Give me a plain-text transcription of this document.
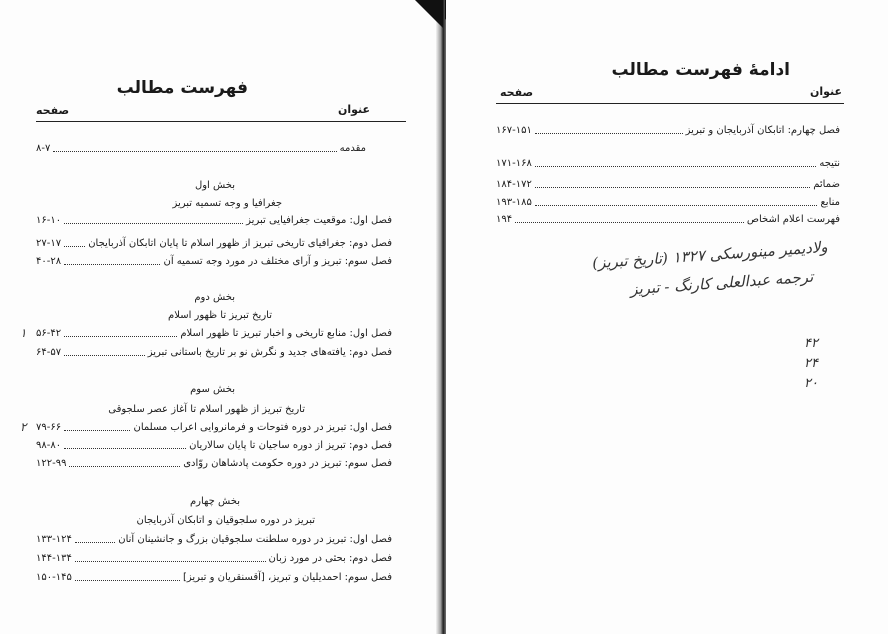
فهرست مطالب
عنوان
صفحه
مقدمه
۸-۷
بخش اول
جغرافیا و وجه تسمیه تبریز
فصل اول: موقعیت جغرافیایی تبریز
۱۶-۱۰
فصل دوم: جغرافیای تاریخی تبریز از ظهور اسلام تا پایان اتابکان آذربایجان
۲۷-۱۷
فصل سوم: تبریز و آرای مختلف در مورد وجه تسمیه آن
۴۰-۲۸
بخش دوم
تاریخ تبریز تا ظهور اسلام
فصل اول: منابع تاریخی و اخبار تبریز تا ظهور اسلام
۵۶-۴۲
فصل دوم: یافته‌های جدید و نگرش نو بر تاریخ باستانی تبریز
۶۴-۵۷
بخش سوم
تاریخ تبریز از ظهور اسلام تا آغاز عصر سلجوقی
فصل اول: تبریز در دوره فتوحات و فرمانروایی اعراب مسلمان
۷۹-۶۶
فصل دوم: تبریز از دوره ساجیان تا پایان سالاریان
۹۸-۸۰
فصل سوم: تبریز در دوره حکومت پادشاهان روّادی
۱۲۲-۹۹
بخش چهارم
تبریز در دوره سلجوقیان و اتابکان آذربایجان
فصل اول: تبریز در دوره سلطنت سلجوقیان بزرگ و جانشینان آنان
۱۳۳-۱۲۴
فصل دوم: بحثی در مورد زبان
۱۴۴-۱۳۴
فصل سوم: احمدیلیان و تبریز، [آقسنقریان و تبریز]
۱۵۰-۱۴۵
۱
۲
ادامهٔ فهرست مطالب
عنوان
صفحه
فصل چهارم: اتابکان آذربایجان و تبریز
۱۶۷-۱۵۱
نتیجه
۱۷۱-۱۶۸
ضمائم
۱۸۴-۱۷۲
منابع
۱۹۳-۱۸۵
فهرست اعلام اشخاص
۱۹۴
ولادیمیر مینورسکی ۱۳۲۷ (تاریخ تبریز)
ترجمه عبدالعلی کارنگ - تبریز
۴۲
۲۴
۲۰
